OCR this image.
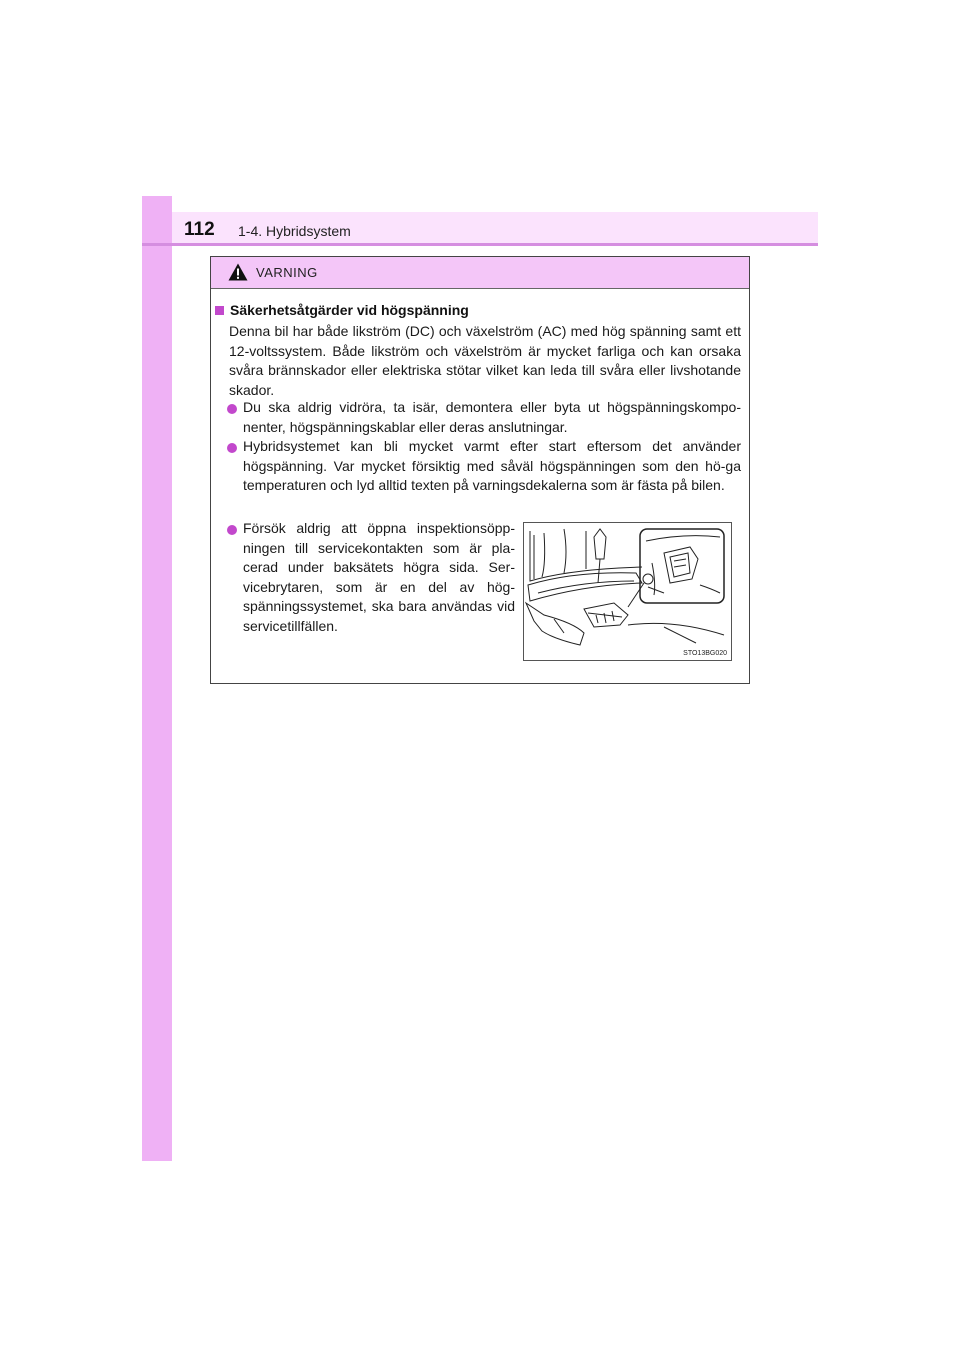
112 1-4. Hybridsystem
VARNING
Säkerhetsåtgärder vid högspänning
Denna bil har både likström (DC) och växelström (AC) med hög spänning samt ett 12-voltssystem. Både likström och växelström är mycket farliga och kan orsaka svåra brännskador eller elektriska stötar vilket kan leda till svåra eller livshotande skador.
Du ska aldrig vidröra, ta isär, demontera eller byta ut högspänningskompo-nenter, högspänningskablar eller deras anslutningar.
Hybridsystemet kan bli mycket varmt efter start eftersom det använder högspänning. Var mycket försiktig med såväl högspänningen som den hö-ga temperaturen och lyd alltid texten på varningsdekalerna som är fästa på bilen.
Försök aldrig att öppna inspektionsöpp-ningen till servicekontakten som är pla-cerad under baksätets högra sida. Ser-vicebrytaren, som är en del av hög-spänningssystemet, ska bara användas vid servicetillfällen.
STO13BG020
